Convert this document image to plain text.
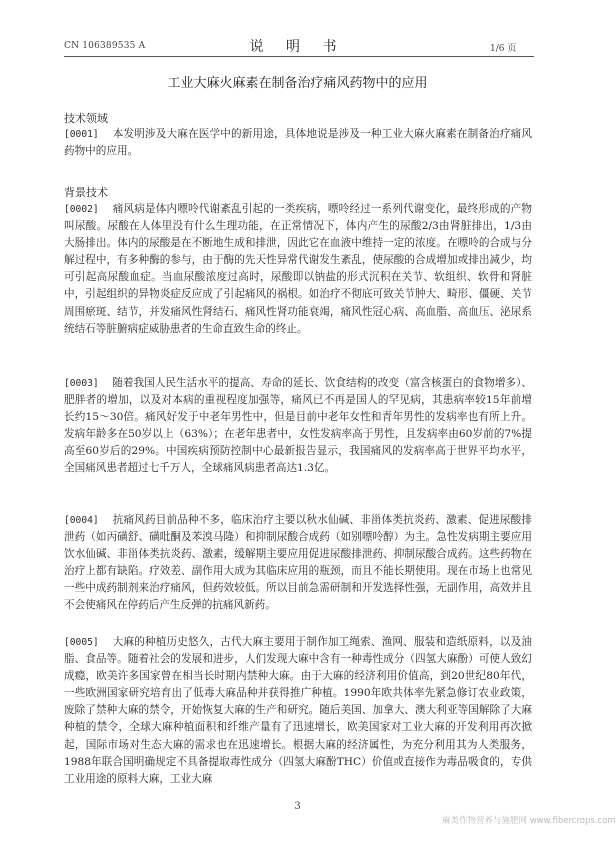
CN 106389535 A	说 明 书	1/6 页
工业大麻火麻素在制备治疗痛风药物中的应用
技术领域
[0001] 本发明涉及大麻在医学中的新用途，具体地说是涉及一种工业大麻火麻素在制备治疗痛风药物中的应用。
背景技术
[0002] 痛风病是体内嘌呤代谢紊乱引起的一类疾病，嘌呤经过一系列代谢变化，最终形成的产物叫尿酸。尿酸在人体里没有什么生理功能，在正常情况下，体内产生的尿酸2/3由肾脏排出，1/3由大肠排出。体内的尿酸是在不断地生成和排泄，因此它在血液中维持一定的浓度。在嘌呤的合成与分解过程中，有多种酶的参与，由于酶的先天性异常代谢发生紊乱，使尿酸的合成增加或排出减少，均可引起高尿酸血症。当血尿酸浓度过高时，尿酸即以钠盐的形式沉积在关节、软组织、软骨和肾脏中，引起组织的异物炎症反应成了引起痛风的祸根。如治疗不彻底可致关节肿大、畸形、僵硬、关节周围瘀斑、结节，并发痛风性肾结石、痛风性肾功能衰竭，痛风性冠心病、高血脂、高血压、泌尿系统结石等脏腑病症威胁患者的生命直致生命的终止。
[0003] 随着我国人民生活水平的提高、寿命的延长、饮食结构的改变（富含核蛋白的食物增多）、肥胖者的增加，以及对本病的重视程度加强等，痛风已不再是国人的罕见病，其患病率较15年前增长约15～30倍。痛风好发于中老年男性中，但是目前中老年女性和青年男性的发病率也有所上升。发病年龄多在50岁以上（63%）；在老年患者中，女性发病率高于男性，且发病率由60岁前的7%提高至60岁后的29%。中国疾病预防控制中心最新报告显示，我国痛风的发病率高于世界平均水平，全国痛风患者超过七千万人，全球痛风病患者高达1.3亿。
[0004] 抗痛风药目前品种不多，临床治疗主要以秋水仙碱、非甾体类抗炎药、激素、促进尿酸排泄药（如丙磺舒、磺吡酮及苯溴马隆）和抑制尿酸合成药（如别嘌呤醇）为主。急性发病期主要应用饮水仙碱、非甾体类抗炎药、激素，缓解期主要应用促进尿酸排泄药、抑制尿酸合成药。这些药物在治疗上都有缺陷。疗效差、副作用大成为其临床应用的瓶颈，而且不能长期使用。现在市场上也常见一些中成药制剂来治疗痛风，但药效较低。所以目前急需研制和开发选择性强，无副作用，高效并且不会使痛风在停药后产生反弹的抗痛风新药。
[0005] 大麻的种植历史悠久，古代大麻主要用于制作加工绳索、渔网、服装和造纸原料，以及油脂、食品等。随着社会的发展和进步，人们发现大麻中含有一种毒性成分（四氢大麻酚）可使人致幻成瘾，欧美许多国家曾在相当长时期内禁种大麻。由于大麻的经济利用价值高，到20世纪80年代，一些欧洲国家研究培育出了低毒大麻品种并获得推广种植。1990年欧共体率先紧急修订农业政策，废除了禁种大麻的禁令，开始恢复大麻的生产和研究。随后美国、加拿大、澳大利亚等国解除了大麻种植的禁令，全球大麻种植面积和纤维产量有了迅速增长，欧美国家对工业大麻的开发利用再次掀起，国际市场对生态大麻的需求也在迅速增长。根据大麻的经济属性，为充分利用其为人类服务，1988年联合国明确规定不具备提取毒性成分（四氢大麻酚THC）价值或直接作为毒品吸食的，专供工业用途的原料大麻，工业大麻
3
麻类作物营养与施肥网 www.fibercrops.com
